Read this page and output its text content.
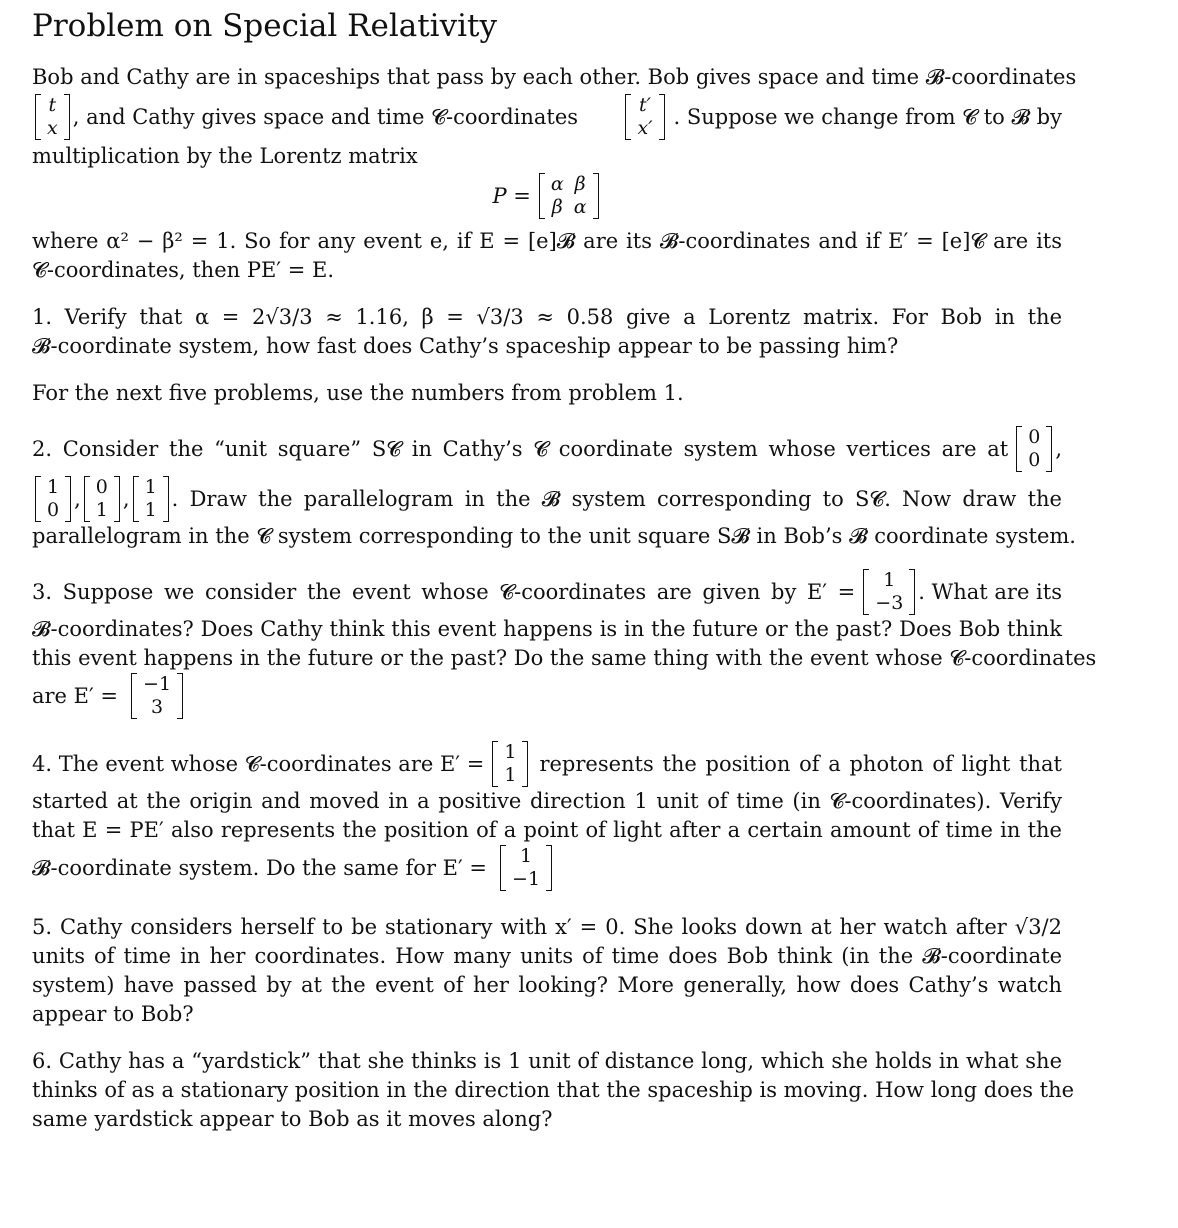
Problem on Special Relativity
Bob and Cathy are in spaceships that pass by each other. Bob gives space and time 𝓑-coordinates
t
x , and Cathy gives space and time 𝓒-coordinates	t′
x′ . Suppose we change from 𝓒 to 𝓑 by
multiplication by the Lorentz matrix
P = α	β
β	α
where α² − β² = 1. So for any event e, if E = [e]𝓑 are its 𝓑-coordinates and if E′ = [e]𝓒 are its
𝓒-coordinates, then PE′ = E.
1. Verify that α = 2√3/3 ≈ 1.16, β = √3/3 ≈ 0.58 give a Lorentz matrix. For Bob in the
𝓑-coordinate system, how fast does Cathy’s spaceship appear to be passing him?
For the next five problems, use the numbers from problem 1.
2. Consider the “unit square” S𝓒 in Cathy’s 𝓒 coordinate system whose vertices are at 0
0 ,
1
0 , 0
1 , 1
1 . Draw the parallelogram in the 𝓑 system corresponding to S𝓒. Now draw the
parallelogram in the 𝓒 system corresponding to the unit square S𝓑 in Bob’s 𝓑 coordinate system.
3. Suppose we consider the event whose 𝓒-coordinates are given by E′ = 1
−3 . What are its
𝓑-coordinates? Does Cathy think this event happens is in the future or the past? Does Bob think
this event happens in the future or the past? Do the same thing with the event whose 𝓒-coordinates
are E′ = −1
3
4. The event whose 𝓒-coordinates are E′ = 1
1 represents the position of a photon of light that
started at the origin and moved in a positive direction 1 unit of time (in 𝓒-coordinates). Verify
that E = PE′ also represents the position of a point of light after a certain amount of time in the
𝓑-coordinate system. Do the same for E′ = 1
−1
5. Cathy considers herself to be stationary with x′ = 0. She looks down at her watch after √3/2
units of time in her coordinates. How many units of time does Bob think (in the 𝓑-coordinate
system) have passed by at the event of her looking? More generally, how does Cathy’s watch
appear to Bob?
6. Cathy has a “yardstick” that she thinks is 1 unit of distance long, which she holds in what she
thinks of as a stationary position in the direction that the spaceship is moving. How long does the
same yardstick appear to Bob as it moves along?
